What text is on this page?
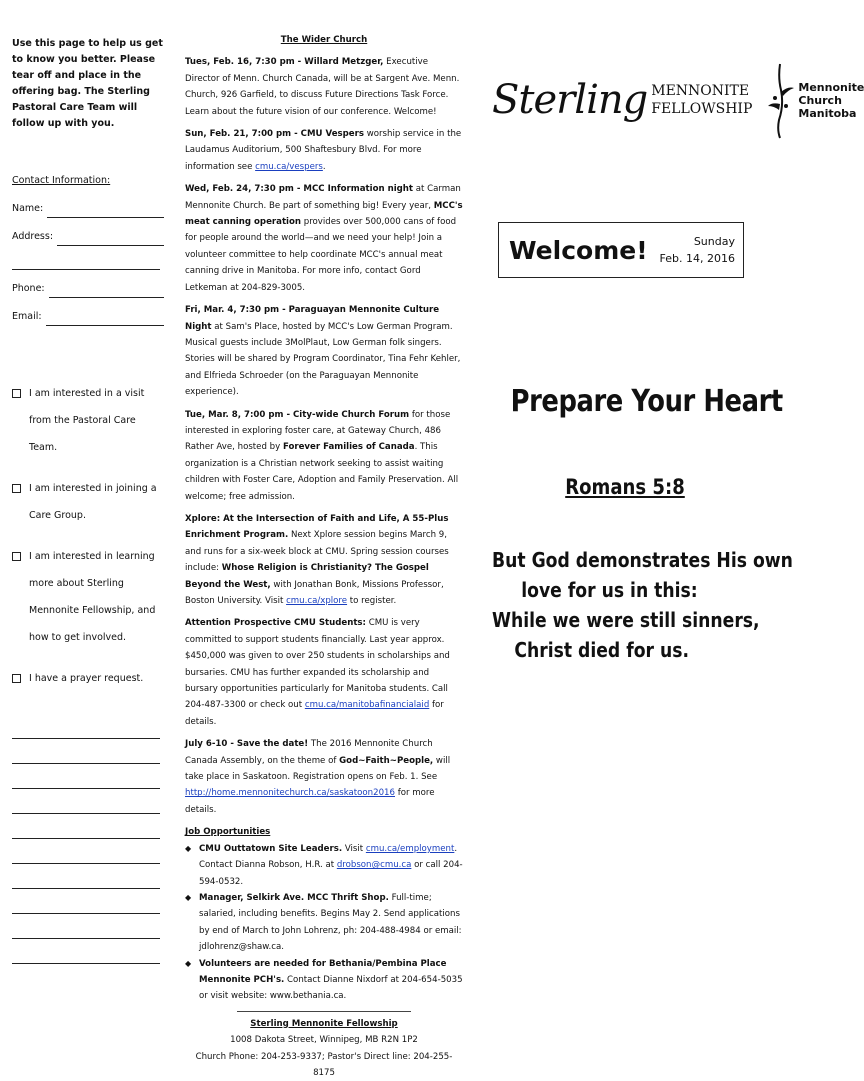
Use this page to help us get to know you better. Please tear off and place in the offering bag. The Sterling Pastoral Care Team will follow up with you.
Contact Information:
Name:
Address:
Phone:
Email:
I am interested in a visit from the Pastoral Care Team.
I am interested in joining a Care Group.
I am interested in learning more about Sterling Mennonite Fellowship, and how to get involved.
I have a prayer request.
The Wider Church
Tues, Feb. 16, 7:30 pm - Willard Metzger, Executive Director of Menn. Church Canada, will be at Sargent Ave. Menn. Church, 926 Garfield, to discuss Future Directions Task Force. Learn about the future vision of our conference. Welcome!
Sun, Feb. 21, 7:00 pm - CMU Vespers worship service in the Laudamus Auditorium, 500 Shaftesbury Blvd. For more information see cmu.ca/vespers.
Wed, Feb. 24, 7:30 pm - MCC Information night at Carman Mennonite Church. Be part of something big! Every year, MCC's meat canning operation provides over 500,000 cans of food for people around the world—and we need your help! Join a volunteer committee to help coordinate MCC's annual meat canning drive in Manitoba. For more info, contact Gord Letkeman at 204-829-3005.
Fri, Mar. 4, 7:30 pm - Paraguayan Mennonite Culture Night at Sam's Place, hosted by MCC's Low German Program. Musical guests include 3MolPlaut, Low German folk singers. Stories will be shared by Program Coordinator, Tina Fehr Kehler, and Elfrieda Schroeder (on the Paraguayan Mennonite experience).
Tue, Mar. 8, 7:00 pm - City-wide Church Forum for those interested in exploring foster care, at Gateway Church, 486 Rather Ave, hosted by Forever Families of Canada. This organization is a Christian network seeking to assist waiting children with Foster Care, Adoption and Family Preservation. All welcome; free admission.
Xplore: At the Intersection of Faith and Life, A 55-Plus Enrichment Program. Next Xplore session begins March 9, and runs for a six-week block at CMU. Spring session courses include: Whose Religion is Christianity? The Gospel Beyond the West, with Jonathan Bonk, Missions Professor, Boston University. Visit cmu.ca/xplore to register.
Attention Prospective CMU Students: CMU is very committed to support students financially. Last year approx. $450,000 was given to over 250 students in scholarships and bursaries. CMU has further expanded its scholarship and bursary opportunities particularly for Manitoba students. Call 204-487-3300 or check out cmu.ca/manitobafinancialaid for details.
July 6-10 - Save the date! The 2016 Mennonite Church Canada Assembly, on the theme of God~Faith~People, will take place in Saskatoon. Registration opens on Feb. 1. See http://home.mennonitechurch.ca/saskatoon2016 for more details.
Job Opportunities
◆ CMU Outtatown Site Leaders. Visit cmu.ca/employment. Contact Dianna Robson, H.R. at drobson@cmu.ca or call 204-594-0532.
◆ Manager, Selkirk Ave. MCC Thrift Shop. Full-time; salaried, including benefits. Begins May 2. Send applications by end of March to John Lohrenz, ph: 204-488-4984 or email: jdlohrenz@shaw.ca.
◆ Volunteers are needed for Bethania/Pembina Place Mennonite PCH's. Contact Dianne Nixdorf at 204-654-5035 or visit website: www.bethania.ca.
Sterling Mennonite Fellowship
1008 Dakota Street, Winnipeg, MB R2N 1P2
Church Phone: 204-253-9337; Pastor's Direct line: 204-255-8175
Sterling MENNONITE
FELLOWSHIP
Mennonite
Church
Manitoba
Welcome!	Sunday
Feb. 14, 2016
Prepare Your Heart
Romans 5:8
But God demonstrates His own
love for us in this:
While we were still sinners,
Christ died for us.
